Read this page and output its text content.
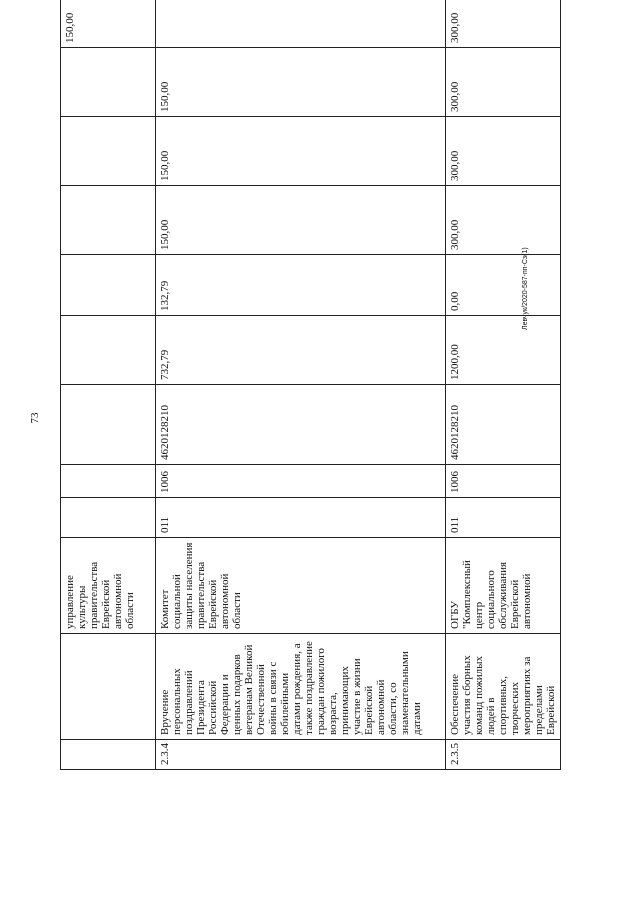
73
Левчук/2020-587-пп-Сз(1)
		управление культуры правительства Еврейской автономной области									150,00
2.3.4	Вручение персональных поздравлений Президента Российской Федерации и ценных подарков ветеранам Великой Отечественной войны в связи с юбилейными датами рождения, а также поздравление граждан пожилого возраста, принимающих участие в жизни Еврейской автономной области, со знаменательными датами	Комитет социальной защиты населения правительства Еврейской автономной области	011	1006	4620128210	732,79	132,79	150,00	150,00	150,00	
2.3.5	Обеспечение участия сборных команд пожилых людей в спортивных, творческих мероприятиях за пределами Еврейской	ОГБУ "Комплексный центр социального обслуживания Еврейской автономной	011	1006	4620128210	1200,00	0,00	300,00	300,00	300,00	300,00
